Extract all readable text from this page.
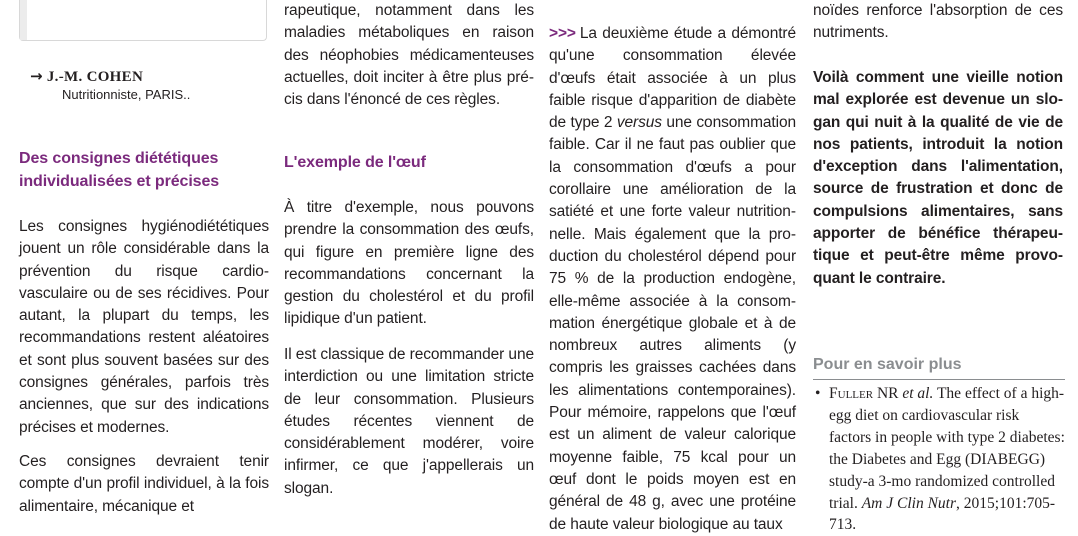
→ J.-M. COHEN
Nutritionniste, PARIS..

Des consignes diététiques

individualisées et précises

Les consignes hygiénodiététiques jouent un rôle considérable dans la prévention du risque cardiovasculaire ou de ses récidives. Pour autant, la plupart du temps, les recommandations restent aléatoires et sont plus souvent basées sur des consignes générales, parfois très anciennes, que sur des indications précises et modernes.

Ces consignes devraient tenir compte d'un profil individuel, à la fois alimentaire, mécanique et

rapeutique, notamment dans les maladies métaboliques en raison des néophobies médicamenteuses actuelles, doit inciter à être plus précis dans l'énoncé de ces règles.

L'exemple de l'œuf

À titre d'exemple, nous pouvons prendre la consommation des œufs, qui figure en première ligne des recommandations concernant la gestion du cholestérol et du profil lipidique d'un patient.

Il est classique de recommander une interdiction ou une limitation stricte de leur consommation. Plusieurs études récentes viennent de considérablement modérer, voire infirmer, ce que j'appellerais un slogan.

>>> La deuxième étude a démontré qu'une consommation élevée d'œufs était associée à un plus faible risque d'apparition de diabète de type 2 versus une consommation faible. Car il ne faut pas oublier que la consommation d'œufs a pour corollaire une amélioration de la satiété et une forte valeur nutritionnelle. Mais également que la production du cholestérol dépend pour 75 % de la production endogène, elle-même associée à la consommation énergétique globale et à de nombreux autres aliments (y compris les graisses cachées dans les alimentations contemporaines). Pour mémoire, rappelons que l'œuf est un aliment de valeur calorique moyenne faible, 75 kcal pour un œuf dont le poids moyen est en général de 48 g, avec une protéine de haute valeur biologique au taux

noïdes renforce l'absorption de ces nutriments.

Voilà comment une vieille notion mal explorée est devenue un slogan qui nuit à la qualité de vie de nos patients, introduit la notion d'exception dans l'alimentation, source de frustration et donc de compulsions alimentaires, sans apporter de bénéfice thérapeutique et peut-être même provoquant le contraire.

Pour en savoir plus
• Fuller NR et al. The effect of a high-egg diet on cardiovascular risk factors in people with type 2 diabetes: the Diabetes and Egg (DIABEGG) study-a 3-mo randomized controlled trial. Am J Clin Nutr, 2015;101:705-713.
